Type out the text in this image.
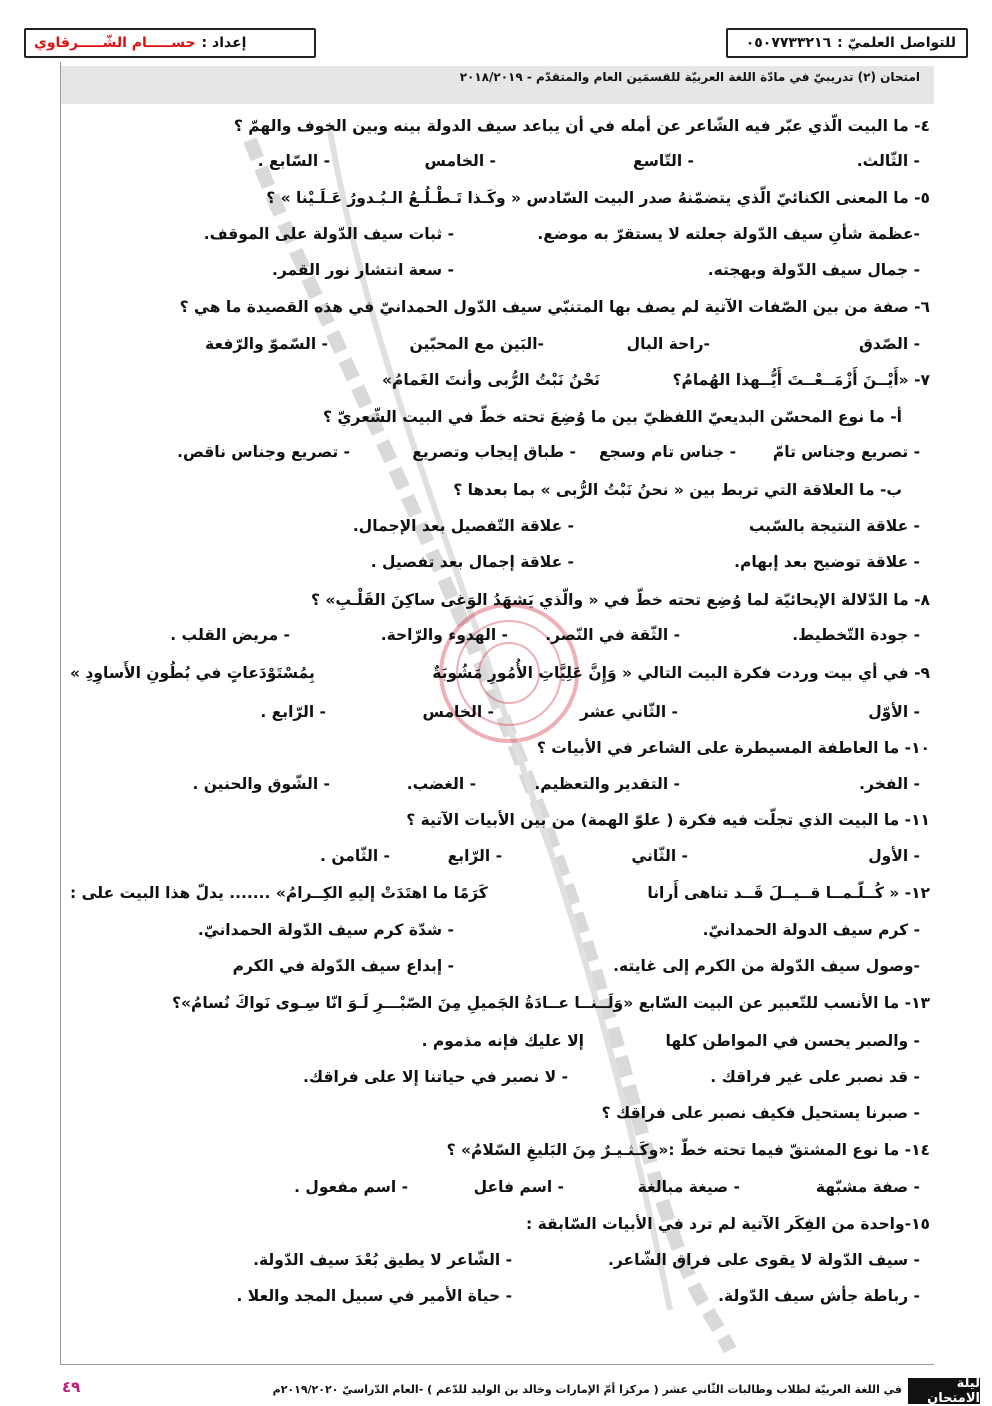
للتواصل العلميّ :
٠٥٠٧٧٣٣٢١٦
إعداد :
حســـــام الشّـــــرقاوي
امتحان (٢) تدريبيّ في مادّة اللغة العربيّة للقسمَين العام والمتقدّم - ٢٠١٨/٢٠١٩
٤- ما البيت الّذي عبّر فيه الشّاعر عن أمله في أن يباعد سيف الدولة بينه وبين الخوف والهمّ ؟
- الثّالث.
- التّاسع
- الخامس
- السّابع .
٥- ما المعنى الكنائيّ الّذي يتضمّنهُ صدر البيت السّادس « وكَـذا تَـطْـلُـعُ الـبُـدورُ عَـلَـيْنا » ؟
-عظمة شأنِ سيف الدّولة جعلته لا يستقرّ به موضع.
- ثبات سيف الدّولة على الموقف.
- جمال سيف الدّولة وبهجته.
- سعة انتشار نور القمر.
٦- صفة من بين الصّفات الآتية لم يصف بها المتنبّي سيف الدّول الحمدانيّ في هذه القصيدة ما هي ؟
- الصّدق
-راحة البال
-البَين مع المحبّين
- السّموّ والرّفعة
٧- «أَيْــنَ أَزْمَــعْــتَ أَيُّــهذا الهُمامُ؟
نَحْنُ نَبْتُ الرُّبى وأنتَ الغَمامُ»
أ- ما نوع المحسّن البديعيّ اللفظيّ بين ما وُضِعَ تحته خطّ في البيت الشّعريّ ؟
- تصريع وجناس تامّ
- جناس تام وسجع
- طباق إيجاب وتصريع
- تصريع وجناس ناقص.
ب- ما العلاقة التي تربط بين « نحنُ نَبْتُ الرُّبى » بما بعدها ؟
- علاقة النتيجة بالسّبب
- علاقة التّفصيل بعد الإجمال.
- علاقة توضيح بعد إبهام.
- علاقة إجمال بعد تفصيل .
٨- ما الدّلالة الإيحائيّة لما وُضِع تحته خطّ في « والّذي يَشهَدُ الوَغى ساكِنَ القَلْـبِ» ؟
- جودة التّخطيط.
- الثّقة في النّصر.
- الهدوء والرّاحة.
- مريض القلب .
٩- في أي بيت وردت فكرة البيت التالي « وَإِنَّ عَلِيَّاتِ الأُمُورِ مَشُوبَةٌ
بِمُسْتَوْدَعاتٍ في بُطُونِ الأَساوِدِ »
- الأوّل
- الثّاني عشر
- الخامس
- الرّابع .
١٠- ما العاطفة المسيطرة على الشاعر في الأبيات ؟
- الفخر.
- التقدير والتعظيم.
- الغضب.
- الشّوق والحنين .
١١- ما البيت الذي تجلّت فيه فكرة ( علوّ الهمة) من بين الأبيات الآتية ؟
- الأول
- الثّاني
- الرّابع
- الثّامن .
١٢- « كُــلّـمــا قــيــلَ قَــد تناهى أَرانا
كَرَمًا ما اهتَدَتْ إليهِ الكِــرامُ» ....... يدلّ هذا البيت على :
- كرم سيف الدولة الحمدانيّ.
- شدّة كرم سيف الدّولة الحمدانيّ.
-وصول سيف الدّولة من الكرم إلى غايته.
- إبداع سيف الدّولة في الكرم
١٣- ما الأنسب للتّعبير عن البيت السّابع «وَلَــنــا عــادَةُ الجَميلِ مِنَ الصّبْـــرِ لَـوَ انّا سِـوى نَواكَ نُسامُ»؟
- والصبر يحسن في المواطن كلها
إلا عليك فإنه مذموم .
- قد نصبر على غير فراقك .
- لا نصبر في حياتنا إلا على فراقك.
- صبرنا يستحيل فكيف نصبر على فراقك ؟
١٤- ما نوع المشتقّ فيما تحته خطّ :«وكَـثـيـرٌ مِنَ البَليغِ السّلامُ» ؟
- صفة مشبّهة
- صيغة مبالغة
- اسم فاعل
- اسم مفعول .
١٥-واحدة من الفِكَر الآتية لم ترد في الأبيات السّابقة :
- سيف الدّولة لا يقوى على فراق الشّاعر.
- الشّاعر لا يطيق بُعْدَ سيف الدّولة.
- رباطة جأش سيف الدّولة.
- حياة الأمير في سبيل المجد والعلا .
ليلة الامتحان
في اللغة العربيّة لطلاب وطالبات الثّاني عشر ( مركزا أمّ الإمارات وخالد بن الوليد للدّعم ) -العام الدّراسيّ ٢٠١٩/٢٠٢٠م
٤٩
